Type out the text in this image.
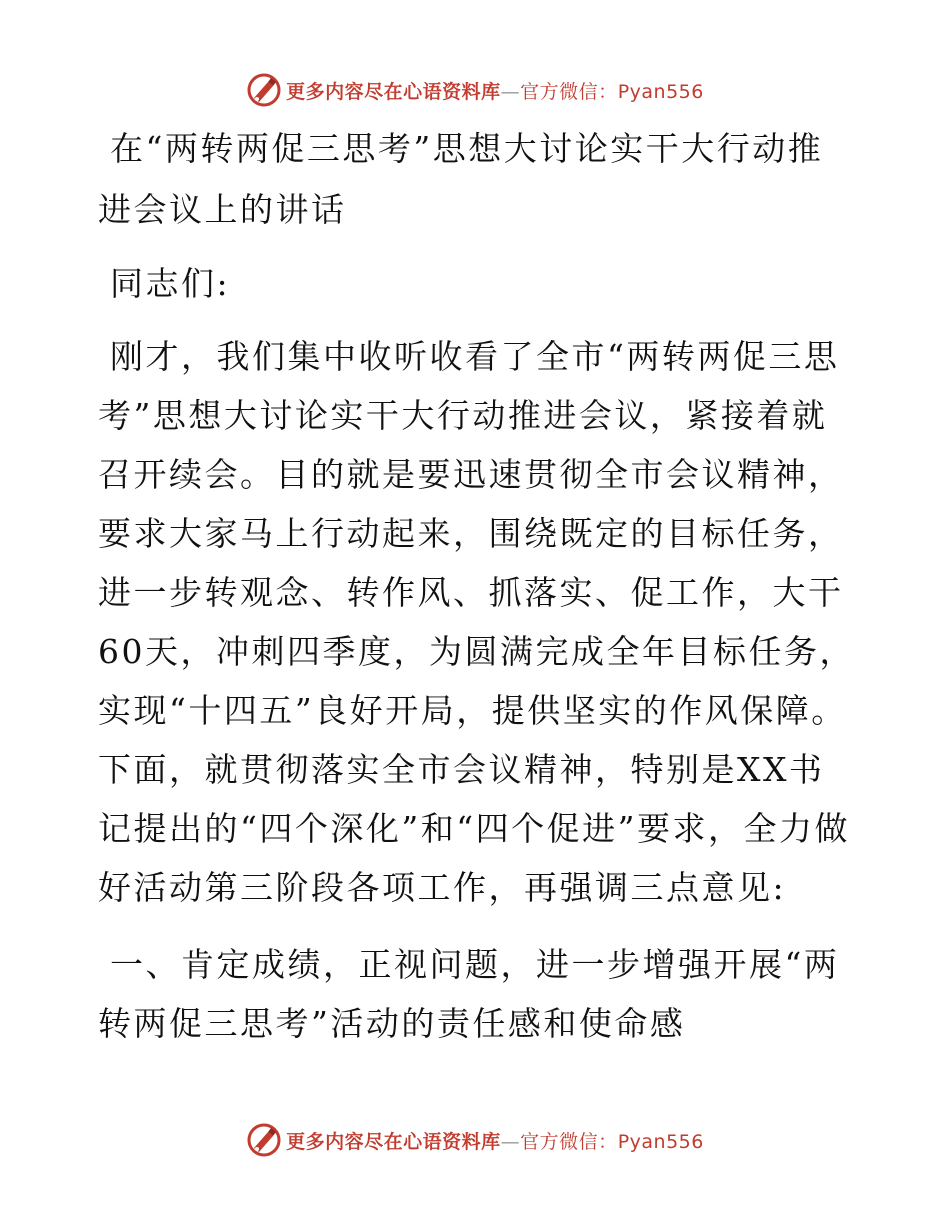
更多内容尽在心语资料库—官方微信：Pyan556

在“两转两促三思考”思想大讨论实干大行动推进会议上的讲话

同志们:

刚才，我们集中收听收看了全市“两转两促三思考”思想大讨论实干大行动推进会议，紧接着就召开续会。目的就是要迅速贯彻全市会议精神，要求大家马上行动起来，围绕既定的目标任务，进一步转观念、转作风、抓落实、促工作，大干60天，冲刺四季度，为圆满完成全年目标任务，实现“十四五”良好开局，提供坚实的作风保障。下面，就贯彻落实全市会议精神，特别是XX书记提出的“四个深化”和“四个促进”要求，全力做好活动第三阶段各项工作，再强调三点意见:

一、肯定成绩，正视问题，进一步增强开展“两转两促三思考”活动的责任感和使命感

更多内容尽在心语资料库—官方微信：Pyan556
